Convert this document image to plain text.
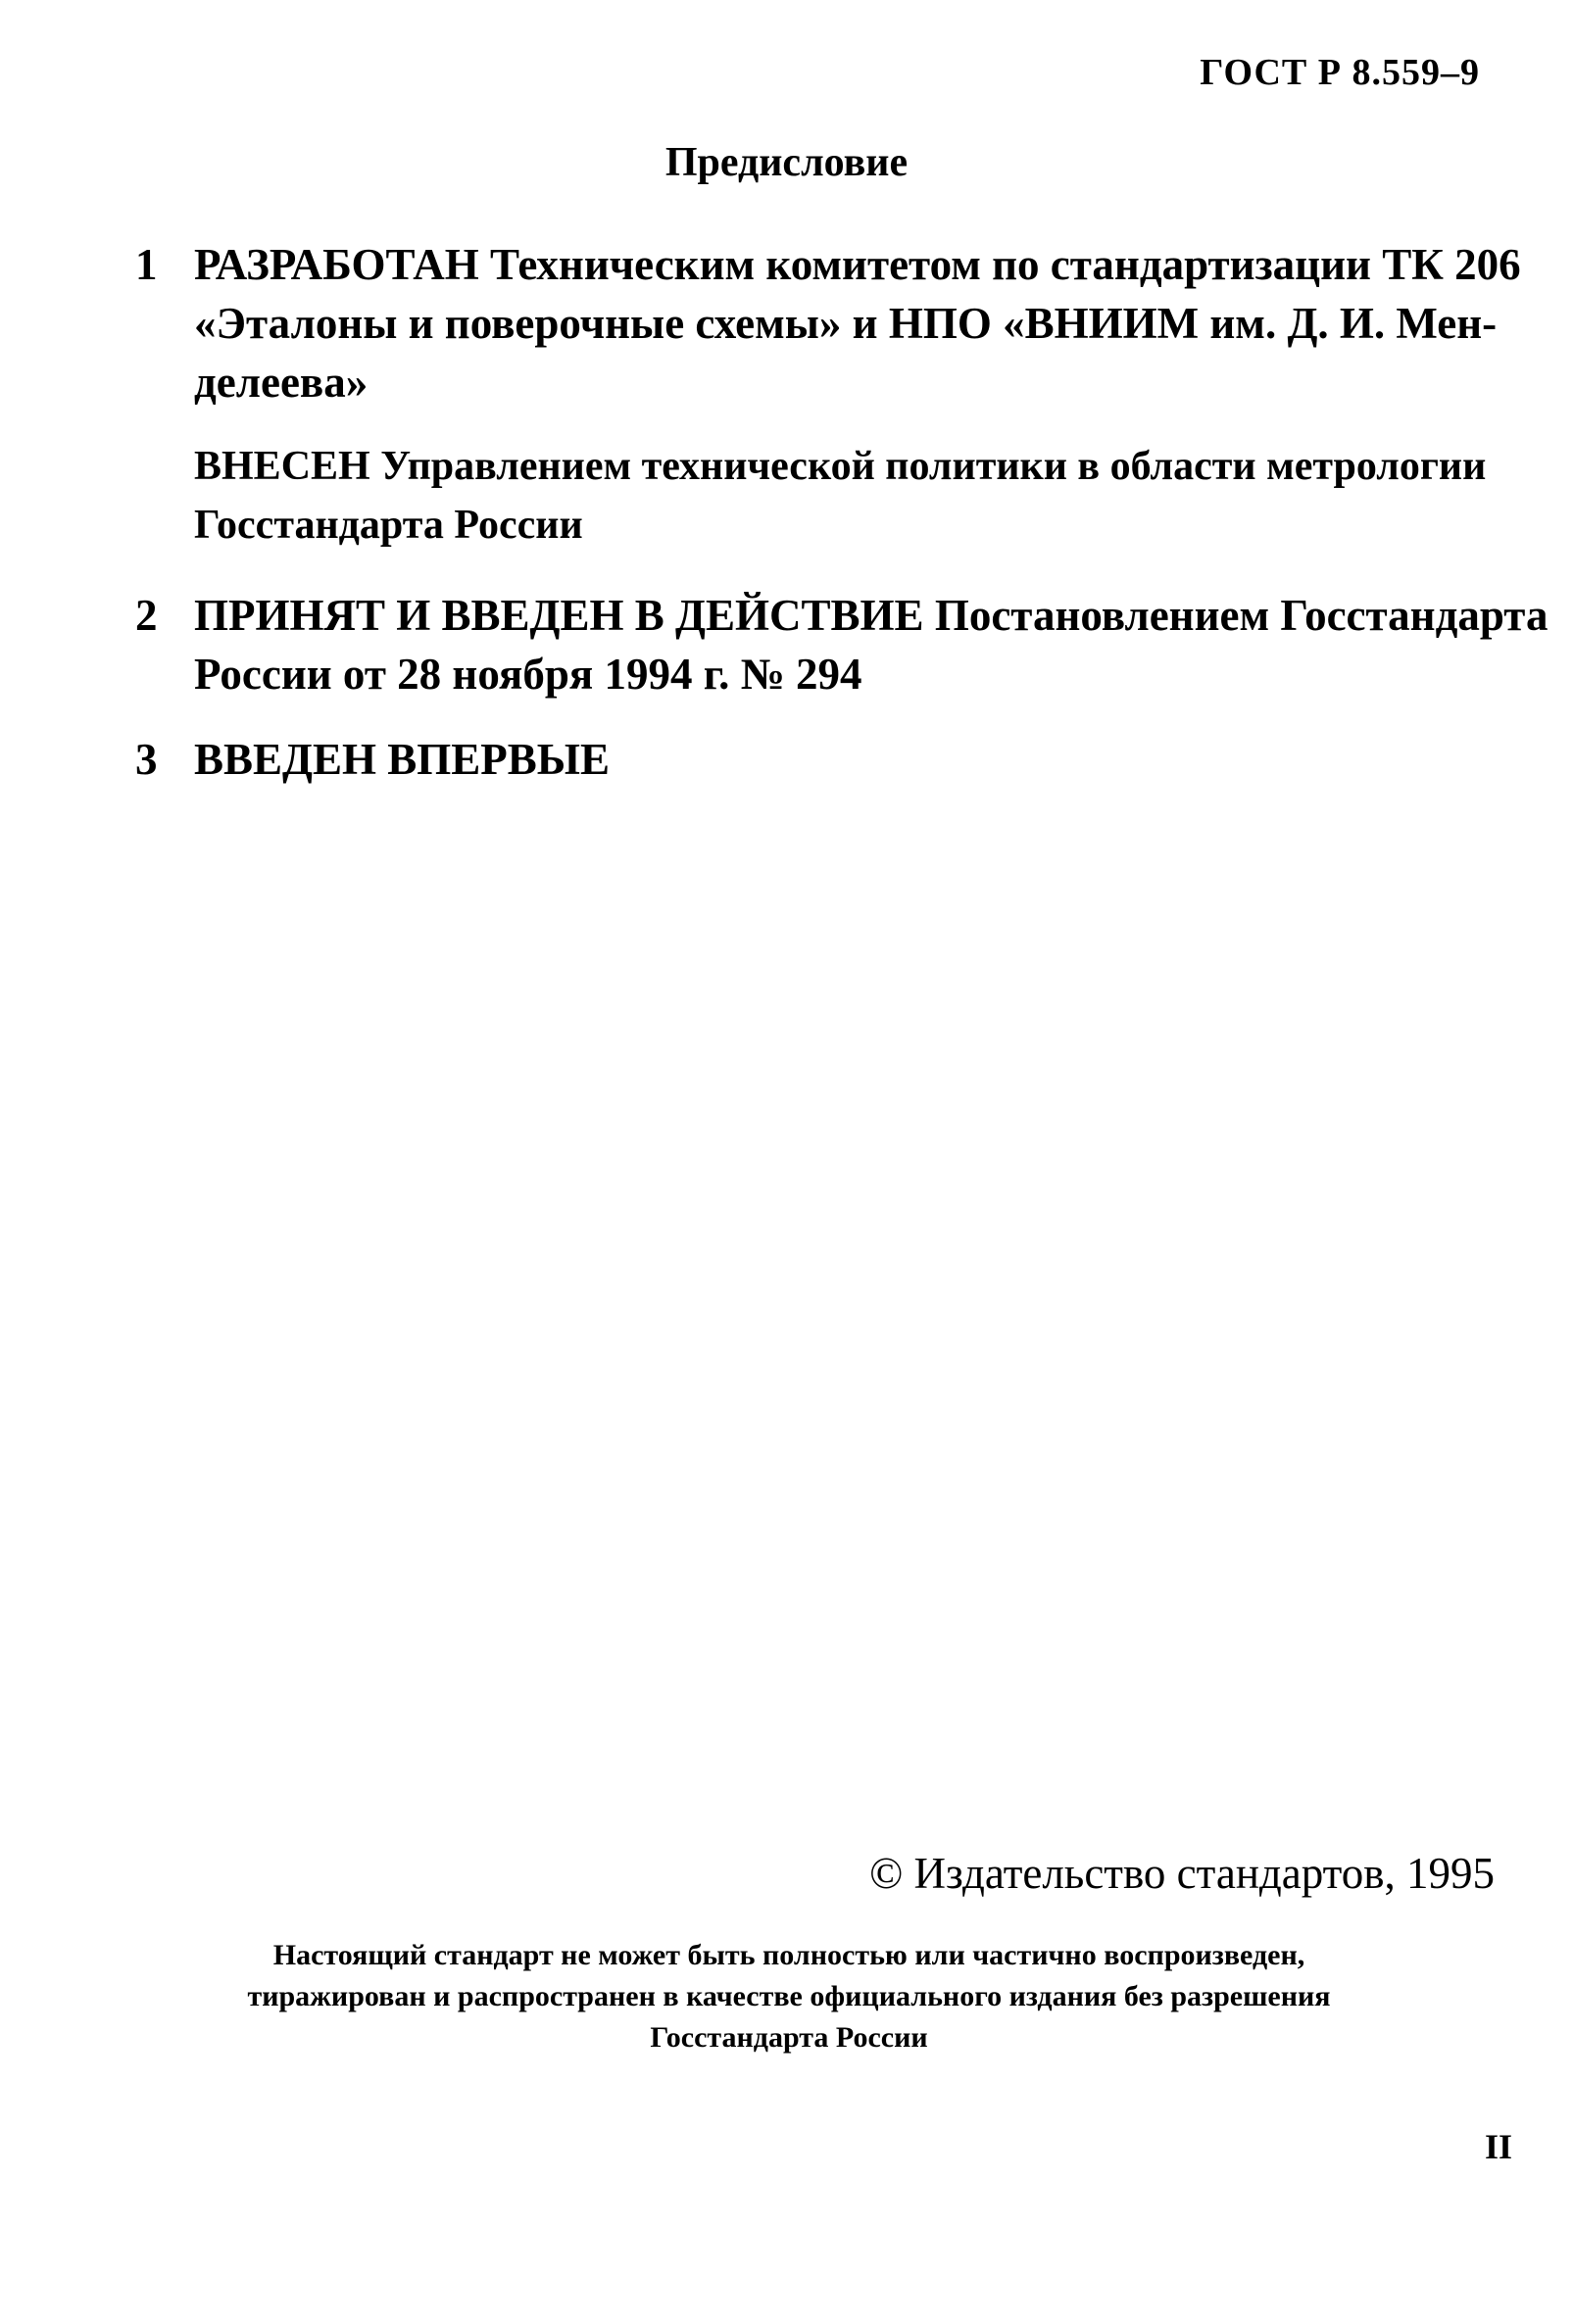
ГОСТ Р 8.559–9
Предисловие
1 РАЗРАБОТАН Техническим комитетом по стандартизации ТК 206
«Эталоны и поверочные схемы» и НПО «ВНИИМ им. Д. И. Мен-
делеева»
ВНЕСЕН Управлением технической политики в области метрологии
Госстандарта России
2 ПРИНЯТ И ВВЕДЕН В ДЕЙСТВИЕ Постановлением Госстандарта
России от 28 ноября 1994 г. № 294
3 ВВЕДЕН ВПЕРВЫЕ
© Издательство стандартов, 1995
Настоящий стандарт не может быть полностью или частично воспроизведен,
тиражирован и распространен в качестве официального издания без разрешения
Госстандарта России
II
